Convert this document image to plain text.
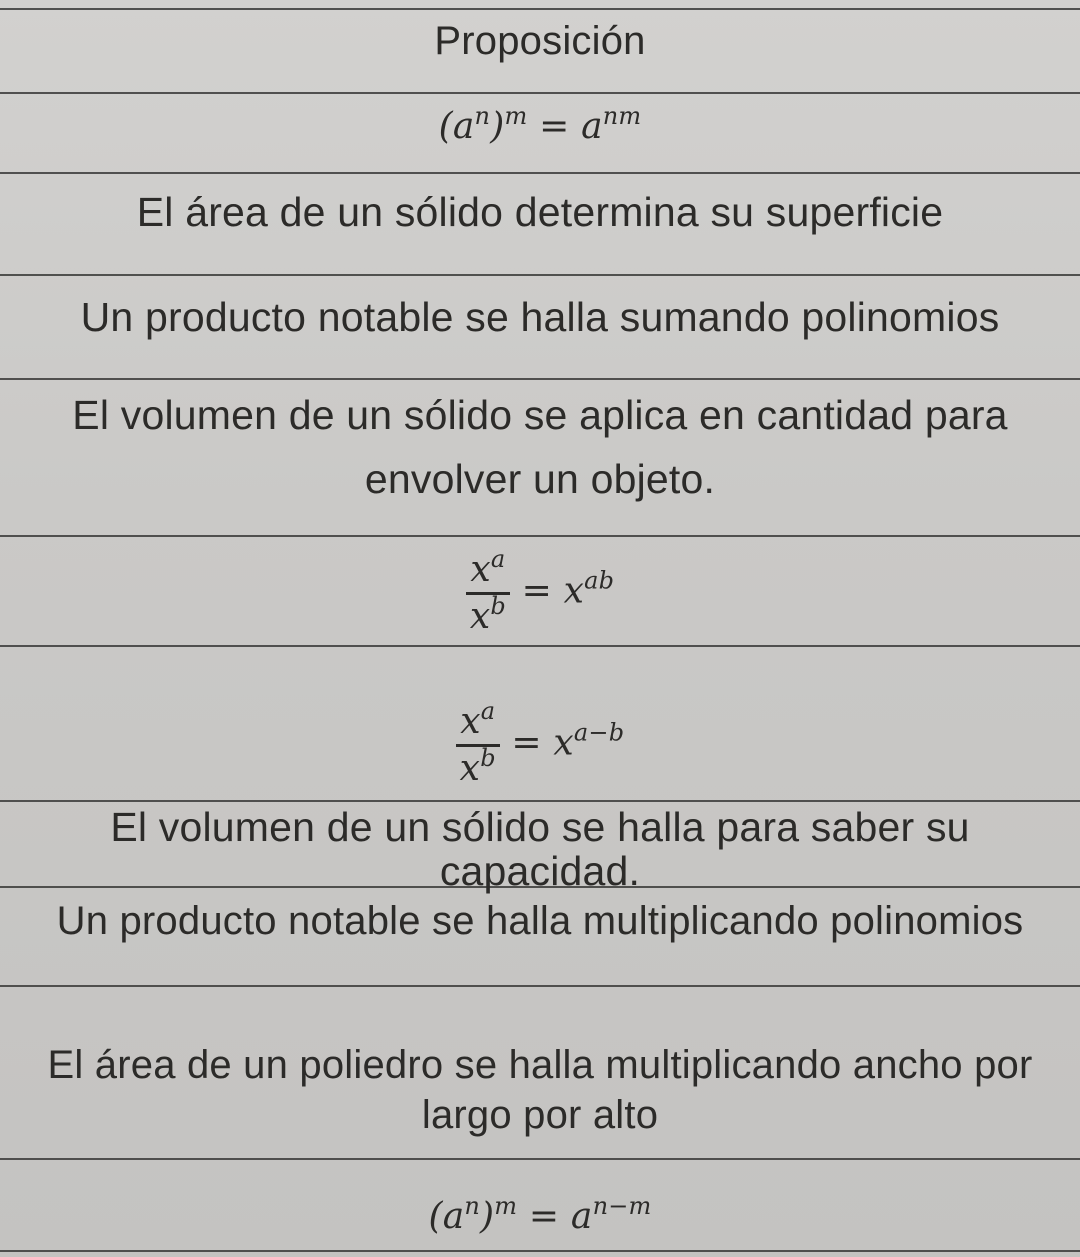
Proposición
$(a^n)^m = a^{nm}$
El área de un sólido determina su superficie
Un producto notable se halla sumando polinomios
El volumen de un sólido se aplica en cantidad para
envolver un objeto.
$\frac{x^a}{x^b} = x^{ab}$
$\frac{x^a}{x^b} = x^{a-b}$
El volumen de un sólido se halla para saber su
capacidad.
Un producto notable se halla multiplicando polinomios
El área de un poliedro se halla multiplicando ancho por
largo por alto
$(a^n)^m = a^{n-m}$
